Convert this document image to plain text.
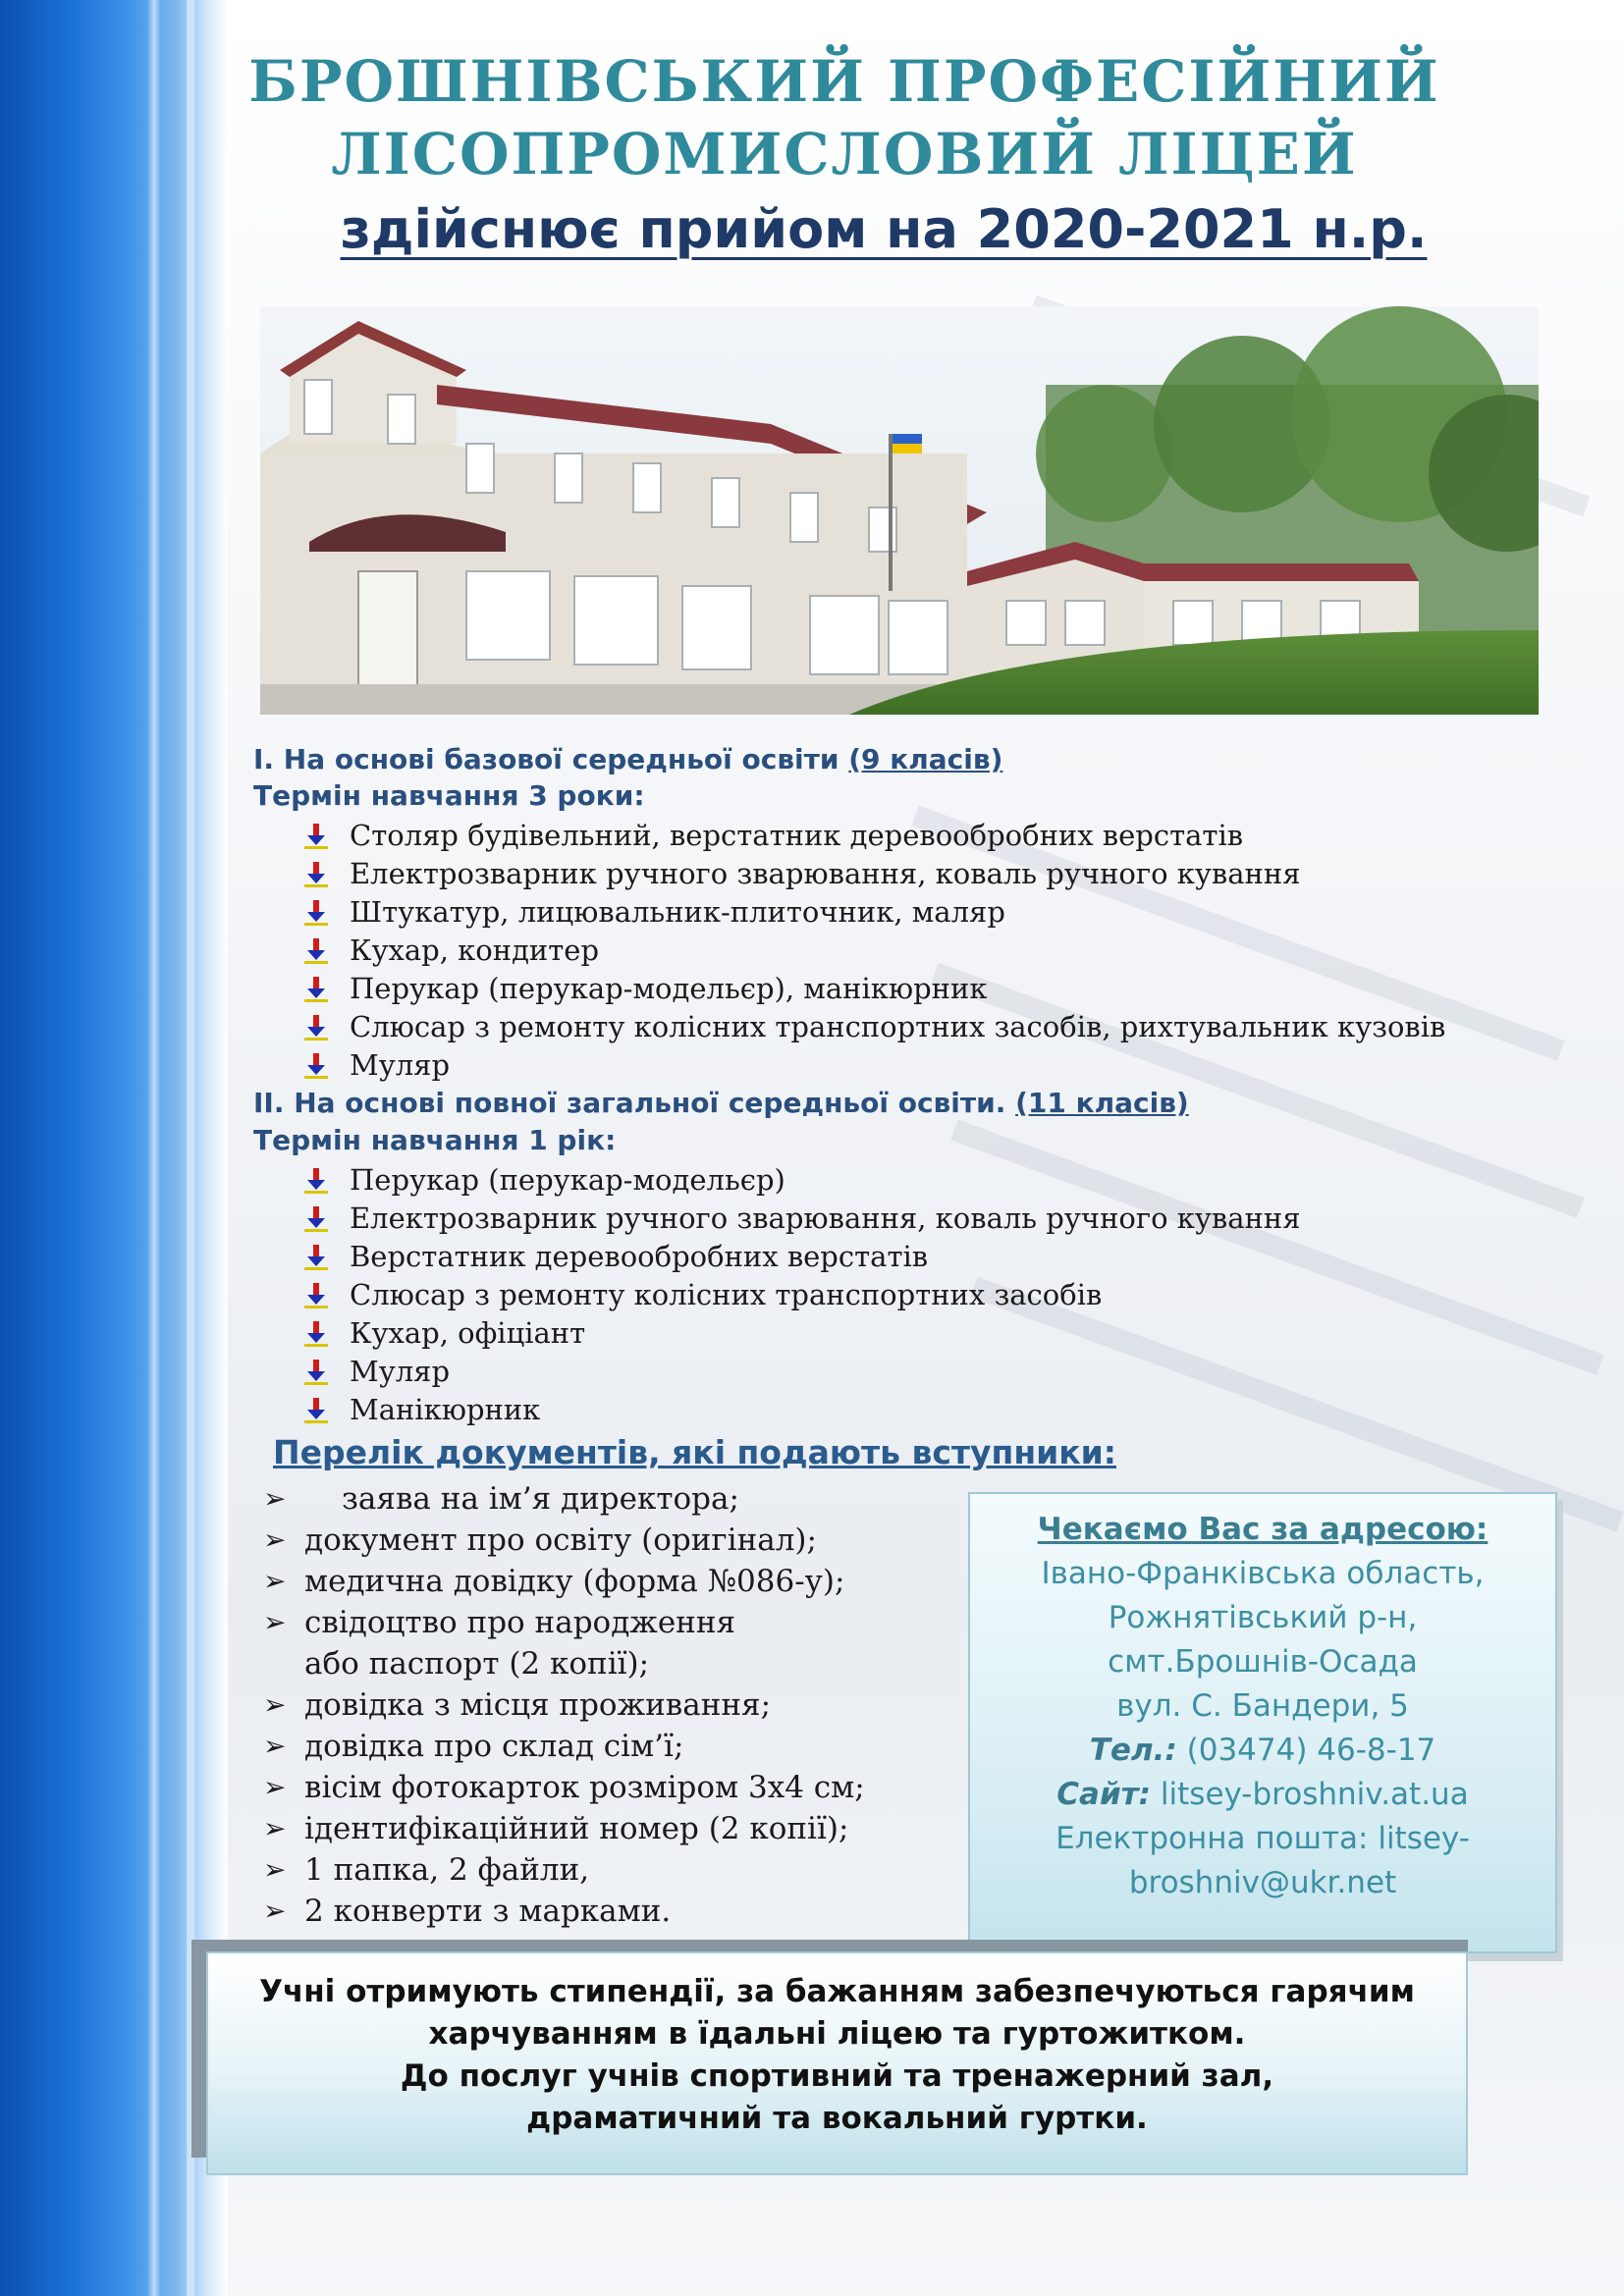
БРОШНІВСЬКИЙ ПРОФЕСІЙНИЙ
ЛІСОПРОМИСЛОВИЙ ЛІЦЕЙ
здійснює прийом на 2020-2021 н.р.
І. На основі базової середньої освіти (9 класів)
Термін навчання 3 роки:
Столяр будівельний, верстатник деревообробних верстатів
Електрозварник ручного зварювання, коваль ручного кування
Штукатур, лицювальник-плиточник, маляр
Кухар, кондитер
Перукар (перукар-модельєр), манікюрник
Слюсар з ремонту колісних транспортних засобів, рихтувальник кузовів
Муляр
ІІ. На основі повної загальної середньої освіти. (11 класів)
Термін навчання 1 рік:
Перукар (перукар-модельєр)
Електрозварник ручного зварювання, коваль ручного кування
Верстатник деревообробних верстатів
Слюсар з ремонту колісних транспортних засобів
Кухар, офіціант
Муляр
Манікюрник
Перелік документів, які подають вступники:
➢	заява на ім’я директора;
➢ документ про освіту (оригінал);
➢ медична довідку (форма №086-у);
➢ свідоцтво про народження
або паспорт (2 копії);
➢ довідка з місця проживання;
➢ довідка про склад сім’ї;
➢ вісім фотокарток розміром 3х4 см;
➢ ідентифікаційний номер (2 копії);
➢ 1 папка, 2 файли,
➢ 2 конверти з марками.
Чекаємо Вас за адресою:
Івано-Франківська область,
Рожнятівський р-н,
смт.Брошнів-Осада
вул. С. Бандери, 5
Тел.: (03474) 46-8-17
Сайт: litsey-broshniv.at.ua
Електронна пошта: litsey-
broshniv@ukr.net
Учні отримують стипендії, за бажанням забезпечуються гарячим
харчуванням в їдальні ліцею та гуртожитком.
До послуг учнів спортивний та тренажерний зал,
драматичний та вокальний гуртки.
